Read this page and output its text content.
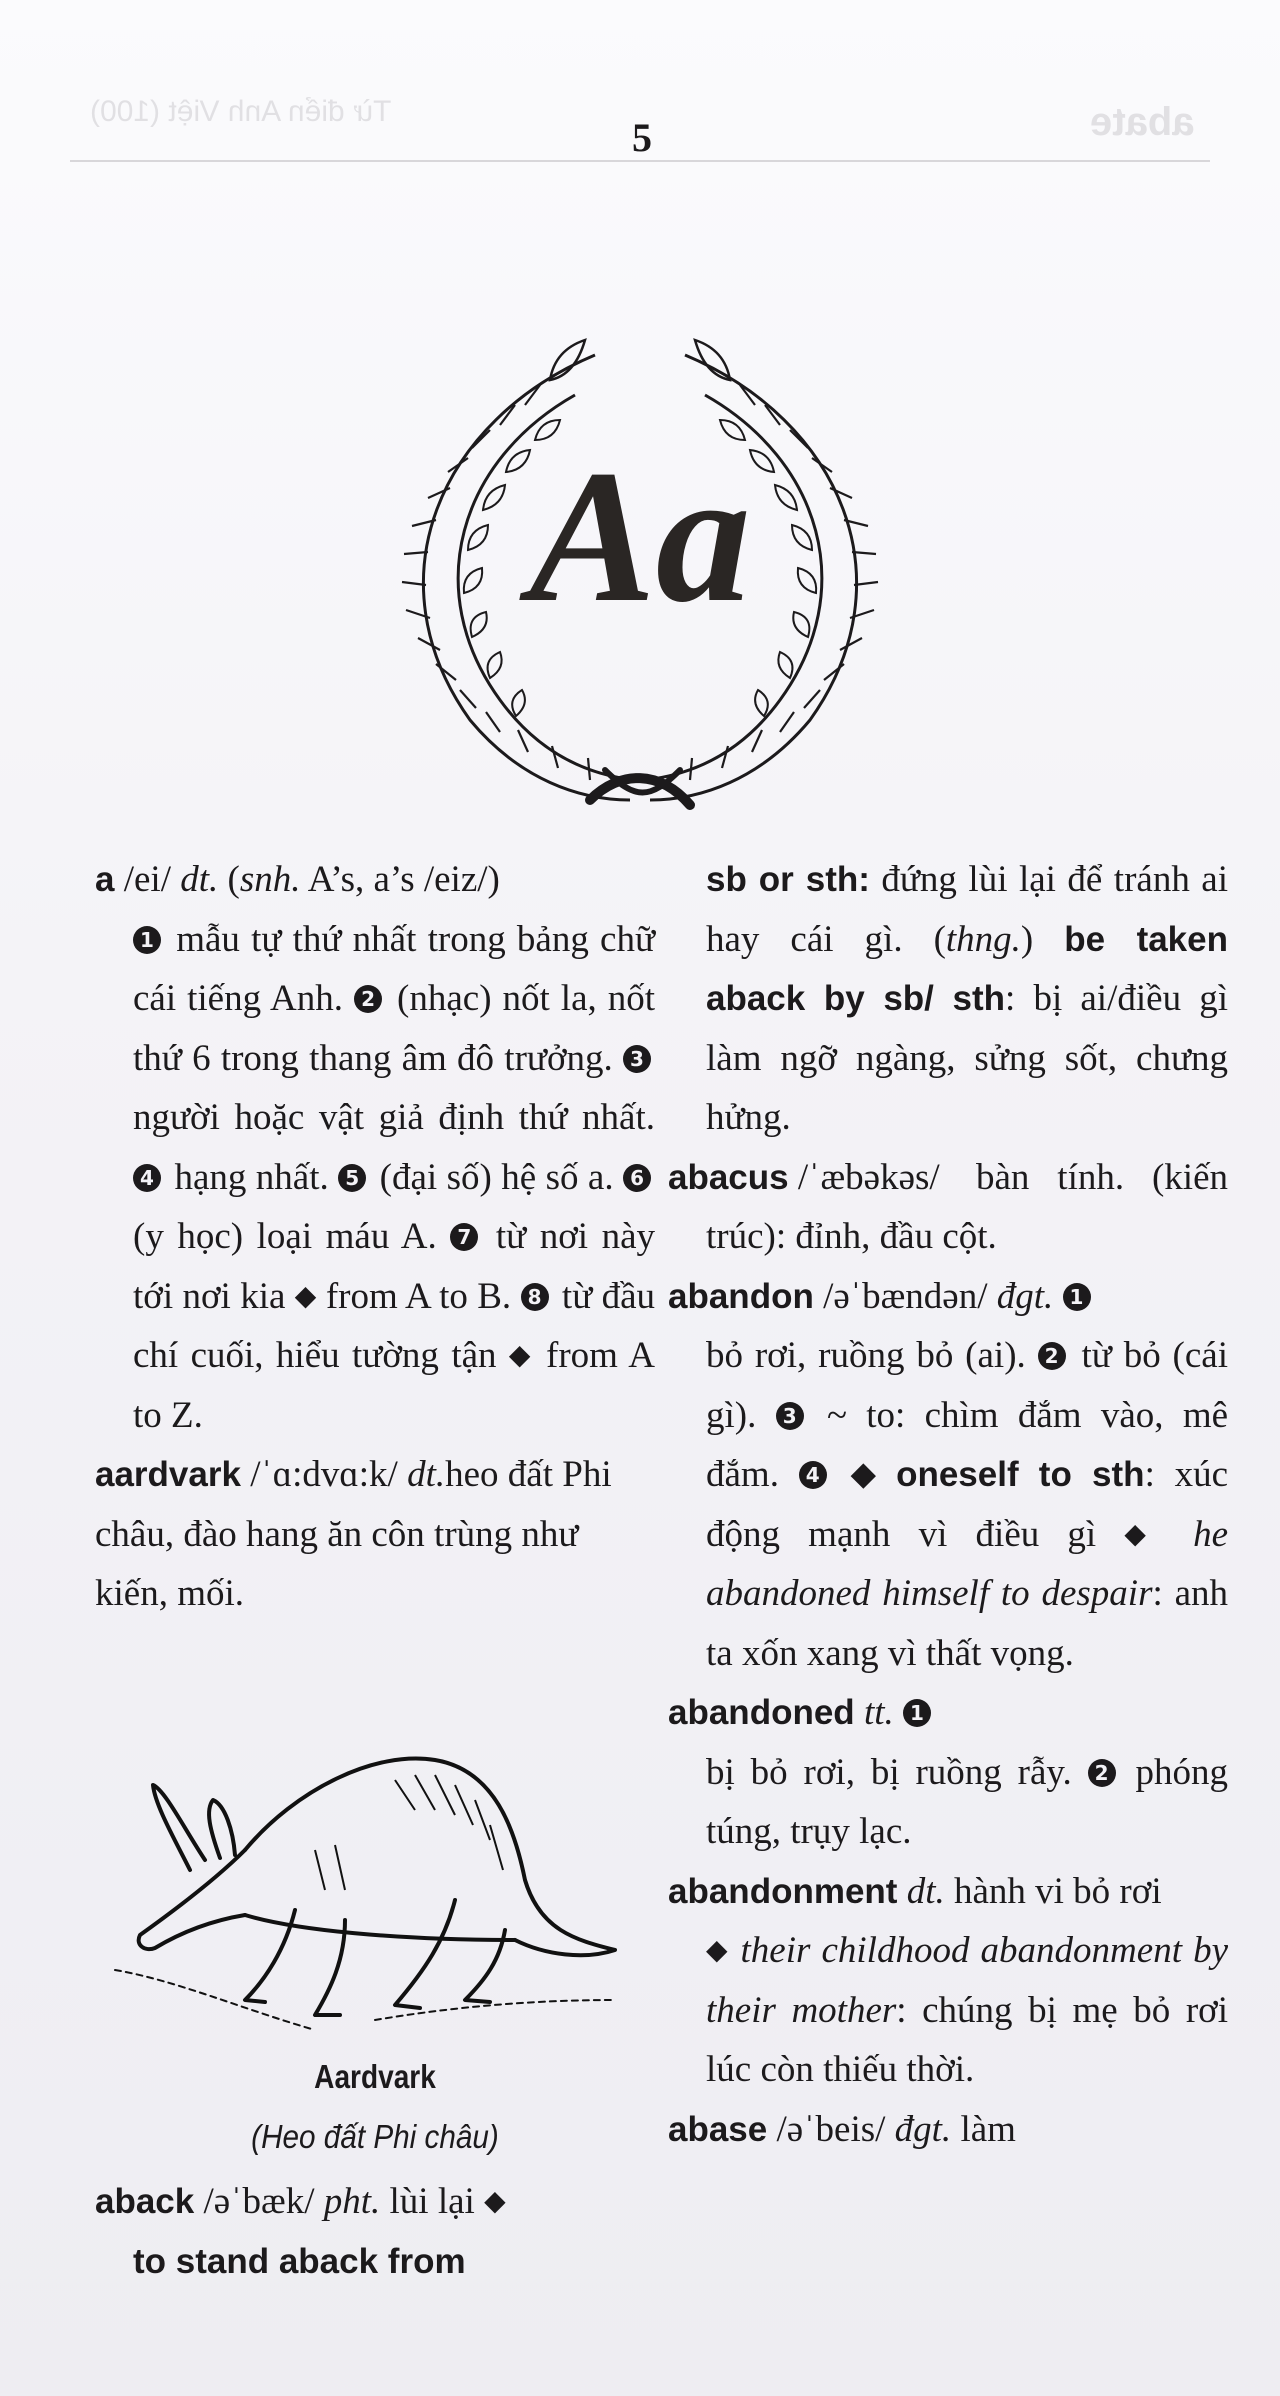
Từ điển Anh Việt (100)	abate
5
Aa
a /ei/ dt. (snh. A’s, a’s /eiz/)
1 mẫu tự thứ nhất trong bảng chữ cái tiếng Anh. 2 (nhạc) nốt la, nốt thứ 6 trong thang âm đô trưởng. 3 người hoặc vật giả định thứ nhất. 4 hạng nhất. 5 (đại số) hệ số a. 6 (y học) loại máu A. 7 từ nơi này tới nơi kia ◆ from A to B. 8 từ đầu chí cuối, hiểu tường tận ◆ from A to Z.
aardvark /ˈɑ:dvɑ:k/ dt.heo đất Phi châu, đào hang ăn côn trùng như kiến, mối.
Aardvark
(Heo đất Phi châu)
aback /əˈbæk/ pht. lùi lại ◆
to stand aback from
sb or sth: đứng lùi lại để tránh ai hay cái gì. (thng.) be taken aback by sb/ sth: bị ai/điều gì làm ngỡ ngàng, sửng sốt, chưng hửng.
abacus /ˈæbəkəs/ bàn tính. (kiến trúc): đỉnh, đầu cột.
abandon /əˈbændən/ đgt. 1
bỏ rơi, ruồng bỏ (ai). 2 từ bỏ (cái gì). 3 ~ to: chìm đắm vào, mê đắm. 4 ⬥ oneself to sth: xúc động mạnh vì điều gì ◆ he abandoned himself to despair: anh ta xốn xang vì thất vọng.
abandoned tt. 1
bị bỏ rơi, bị ruồng rẫy. 2 phóng túng, trụy lạc.
abandonment dt. hành vi bỏ rơi
◆ their childhood abandonment by their mother: chúng bị mẹ bỏ rơi lúc còn thiếu thời.
abase /əˈbeis/ đgt. làm
